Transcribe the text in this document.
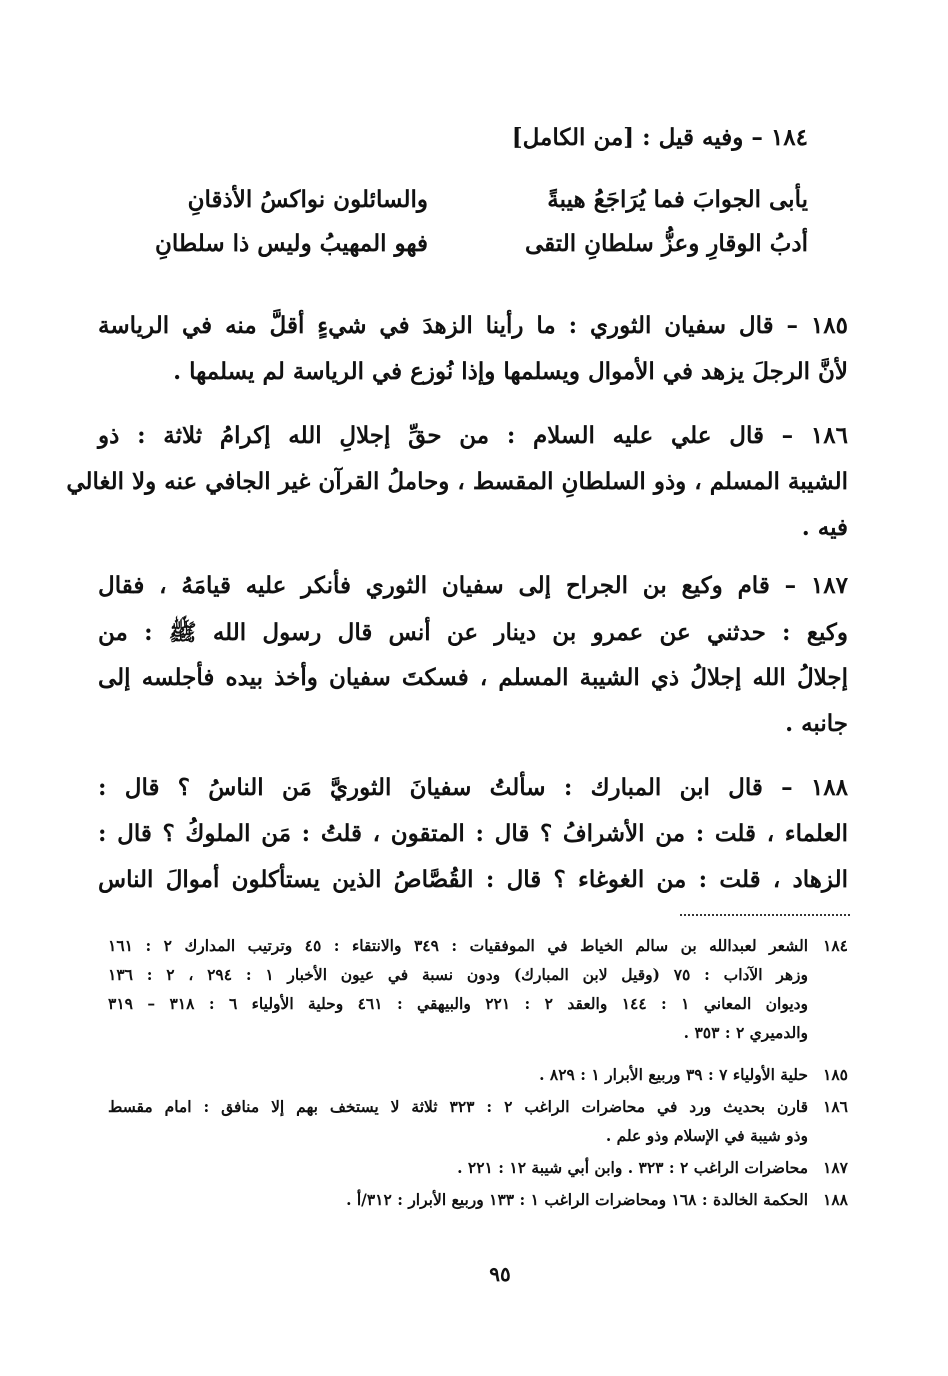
١٨٤ – وفيه قيل : [من الكامل]
يأبى الجوابَ فما يُرَاجَعُ هيبةً
والسائلون نواكسُ الأذقانِ
أدبُ الوقارِ وعزُّ سلطانِ التقى
فهو المهيبُ وليس ذا سلطانِ
١٨٥ – قال سفيان الثوري : ما رأينا الزهدَ في شيءٍ أقلَّ منه في الرياسة
لأنَّ الرجلَ يزهد في الأموال ويسلمها وإذا نُوزع في الرياسة لم يسلمها .
١٨٦ – قال علي عليه السلام : من حقِّ إجلالِ الله إكرامُ ثلاثة : ذو
الشيبة المسلم ، وذو السلطانِ المقسط ، وحاملُ القرآن غير الجافي عنه ولا الغالي
فيه .
١٨٧ – قام وكيع بن الجراح إلى سفيان الثوري فأنكر عليه قيامَهُ ، فقال
وكيع : حدثني عن عمرو بن دينار عن أنس قال رسول الله ﷺ : من
إجلالُ الله إجلالُ ذي الشيبة المسلم ، فسكتَ سفيان وأخذ بيده فأجلسه إلى
جانبه .
١٨٨ – قال ابن المبارك : سألتُ سفيانَ الثوريَّ مَن الناسُ ؟ قال :
العلماء ، قلت : من الأشرافُ ؟ قال : المتقون ، قلتُ : مَن الملوكُ ؟ قال :
الزهاد ، قلت : من الغوغاء ؟ قال : القُصَّاصُ الذين يستأكلون أموالَ الناس
١٨٤
الشعر لعبدالله بن سالم الخياط في الموفقيات : ٣٤٩ والانتقاء : ٤٥ وترتيب المدارك ٢ : ١٦١
وزهر الآداب : ٧٥ (وقيل لابن المبارك) ودون نسبة في عيون الأخبار ١ : ٢٩٤ ، ٢ : ١٣٦
وديوان المعاني ١ : ١٤٤ والعقد ٢ : ٢٢١ والبيهقي : ٤٦١ وحلية الأولياء ٦ : ٣١٨ – ٣١٩
والدميري ٢ : ٣٥٣ .
١٨٥
حلية الأولياء ٧ : ٣٩ وربيع الأبرار ١ : ٨٢٩ .
١٨٦
قارن بحديث ورد في محاضرات الراغب ٢ : ٣٢٣ ثلاثة لا يستخف بهم إلا منافق : امام مقسط
وذو شيبة في الإسلام وذو علم .
١٨٧
محاضرات الراغب ٢ : ٣٢٣ . وابن أبي شيبة ١٢ : ٢٢١ .
١٨٨
الحكمة الخالدة : ١٦٨ ومحاضرات الراغب ١ : ١٣٣ وربيع الأبرار : ٣١٢/أ .
٩٥
